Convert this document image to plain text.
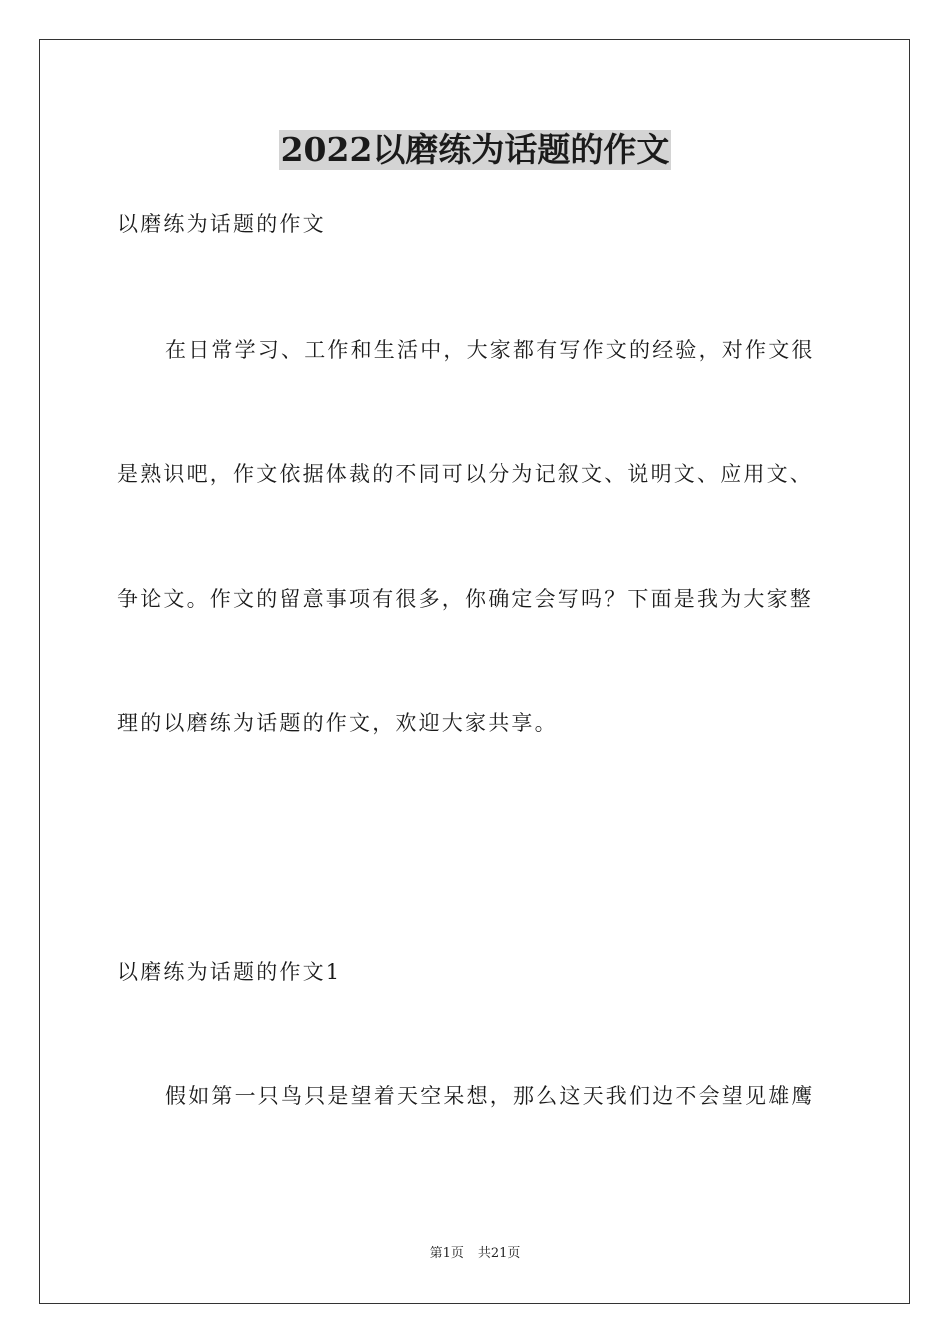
2022以磨练为话题的作文

以磨练为话题的作文

在日常学习、工作和生活中，大家都有写作文的经验，对作文很

是熟识吧，作文依据体裁的不同可以分为记叙文、说明文、应用文、

争论文。作文的留意事项有很多，你确定会写吗？下面是我为大家整

理的以磨练为话题的作文，欢迎大家共享。

以磨练为话题的作文1

假如第一只鸟只是望着天空呆想，那么这天我们边不会望见雄鹰

第1页 共21页
